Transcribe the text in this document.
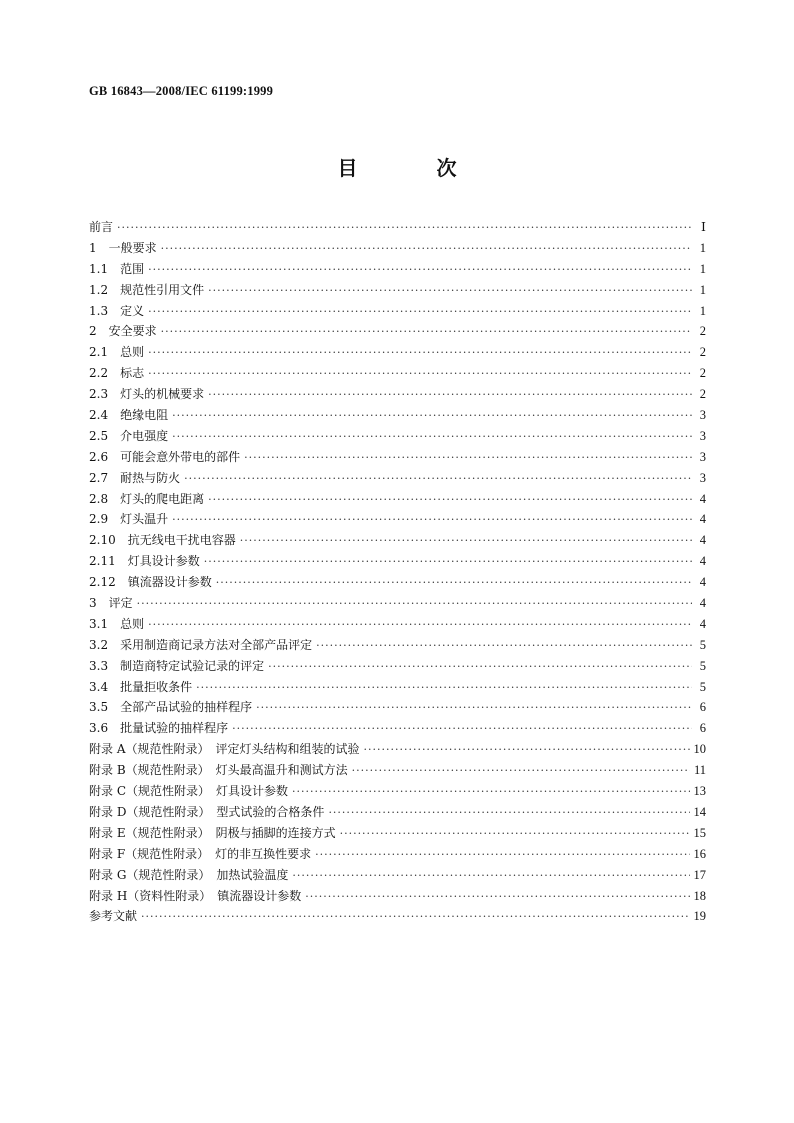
GB 16843—2008/IEC 61199:1999
目 次
前言 ·····	Ⅰ
1　一般要求 ·····	1
1.1　范围 ·····	1
1.2　规范性引用文件 ·····	1
1.3　定义 ·····	1
2　安全要求 ·····	2
2.1　总则 ·····	2
2.2　标志 ·····	2
2.3　灯头的机械要求 ·····	2
2.4　绝缘电阻 ·····	3
2.5　介电强度 ·····	3
2.6　可能会意外带电的部件 ·····	3
2.7　耐热与防火 ·····	3
2.8　灯头的爬电距离 ·····	4
2.9　灯头温升 ·····	4
2.10　抗无线电干扰电容器 ·····	4
2.11　灯具设计参数 ·····	4
2.12　镇流器设计参数 ·····	4
3　评定 ·····	4
3.1　总则 ·····	4
3.2　采用制造商记录方法对全部产品评定 ·····	5
3.3　制造商特定试验记录的评定 ·····	5
3.4　批量拒收条件 ·····	5
3.5　全部产品试验的抽样程序 ·····	6
3.6　批量试验的抽样程序 ·····	6
附录 A（规范性附录）　评定灯头结构和组装的试验 ·····	10
附录 B（规范性附录）　灯头最高温升和测试方法 ·····	11
附录 C（规范性附录）　灯具设计参数 ·····	13
附录 D（规范性附录）　型式试验的合格条件 ·····	14
附录 E（规范性附录）　阴极与插脚的连接方式 ·····	15
附录 F（规范性附录）　灯的非互换性要求 ·····	16
附录 G（规范性附录）　加热试验温度 ·····	17
附录 H（资料性附录）　镇流器设计参数 ·····	18
参考文献 ·····	19
